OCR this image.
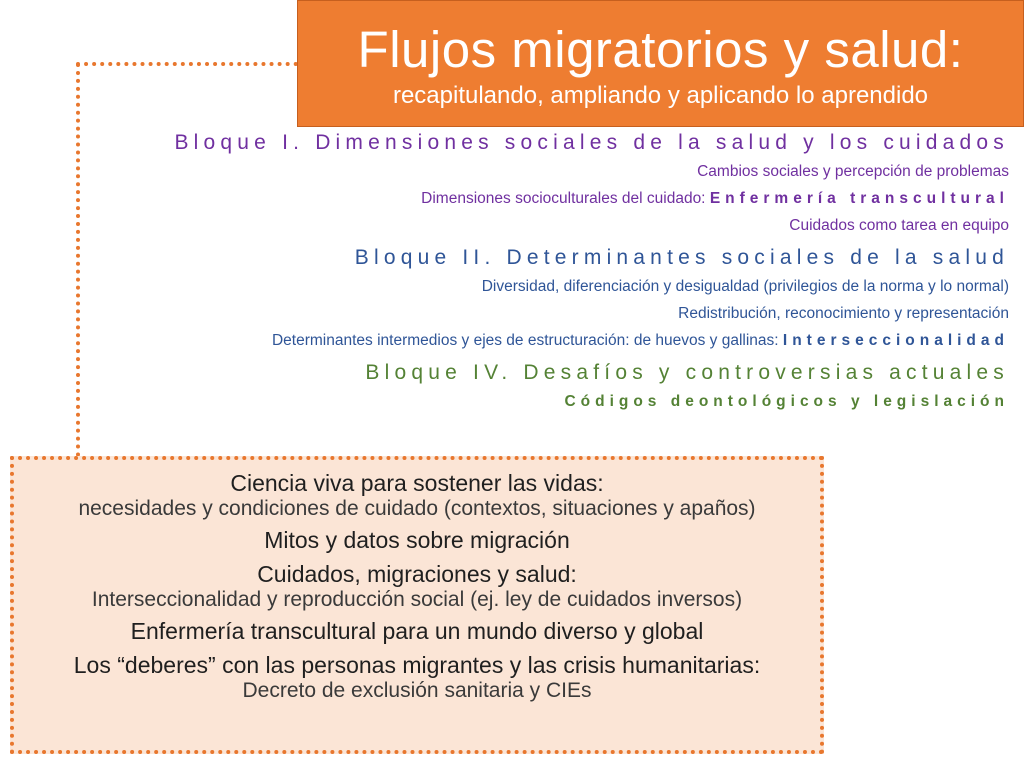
Flujos migratorios y salud:
recapitulando, ampliando y aplicando lo aprendido
Bloque I. Dimensiones sociales de la salud y los cuidados
Cambios sociales y percepción de problemas
Dimensiones socioculturales del cuidado: Enfermería transcultural
Cuidados como tarea en equipo
Bloque II. Determinantes sociales de la salud
Diversidad, diferenciación y desigualdad (privilegios de la norma y lo normal)
Redistribución, reconocimiento y representación
Determinantes intermedios y ejes de estructuración: de huevos y gallinas: Interseccionalidad
Bloque IV. Desafíos y controversias actuales
Códigos deontológicos y legislación
Ciencia viva para sostener las vidas:
necesidades y condiciones de cuidado (contextos, situaciones y apaños)
Mitos y datos sobre migración
Cuidados, migraciones y salud:
Interseccionalidad y reproducción social (ej. ley de cuidados inversos)
Enfermería transcultural para un mundo diverso y global
Los “deberes” con las personas migrantes y las crisis humanitarias:
Decreto de exclusión sanitaria y CIEs
